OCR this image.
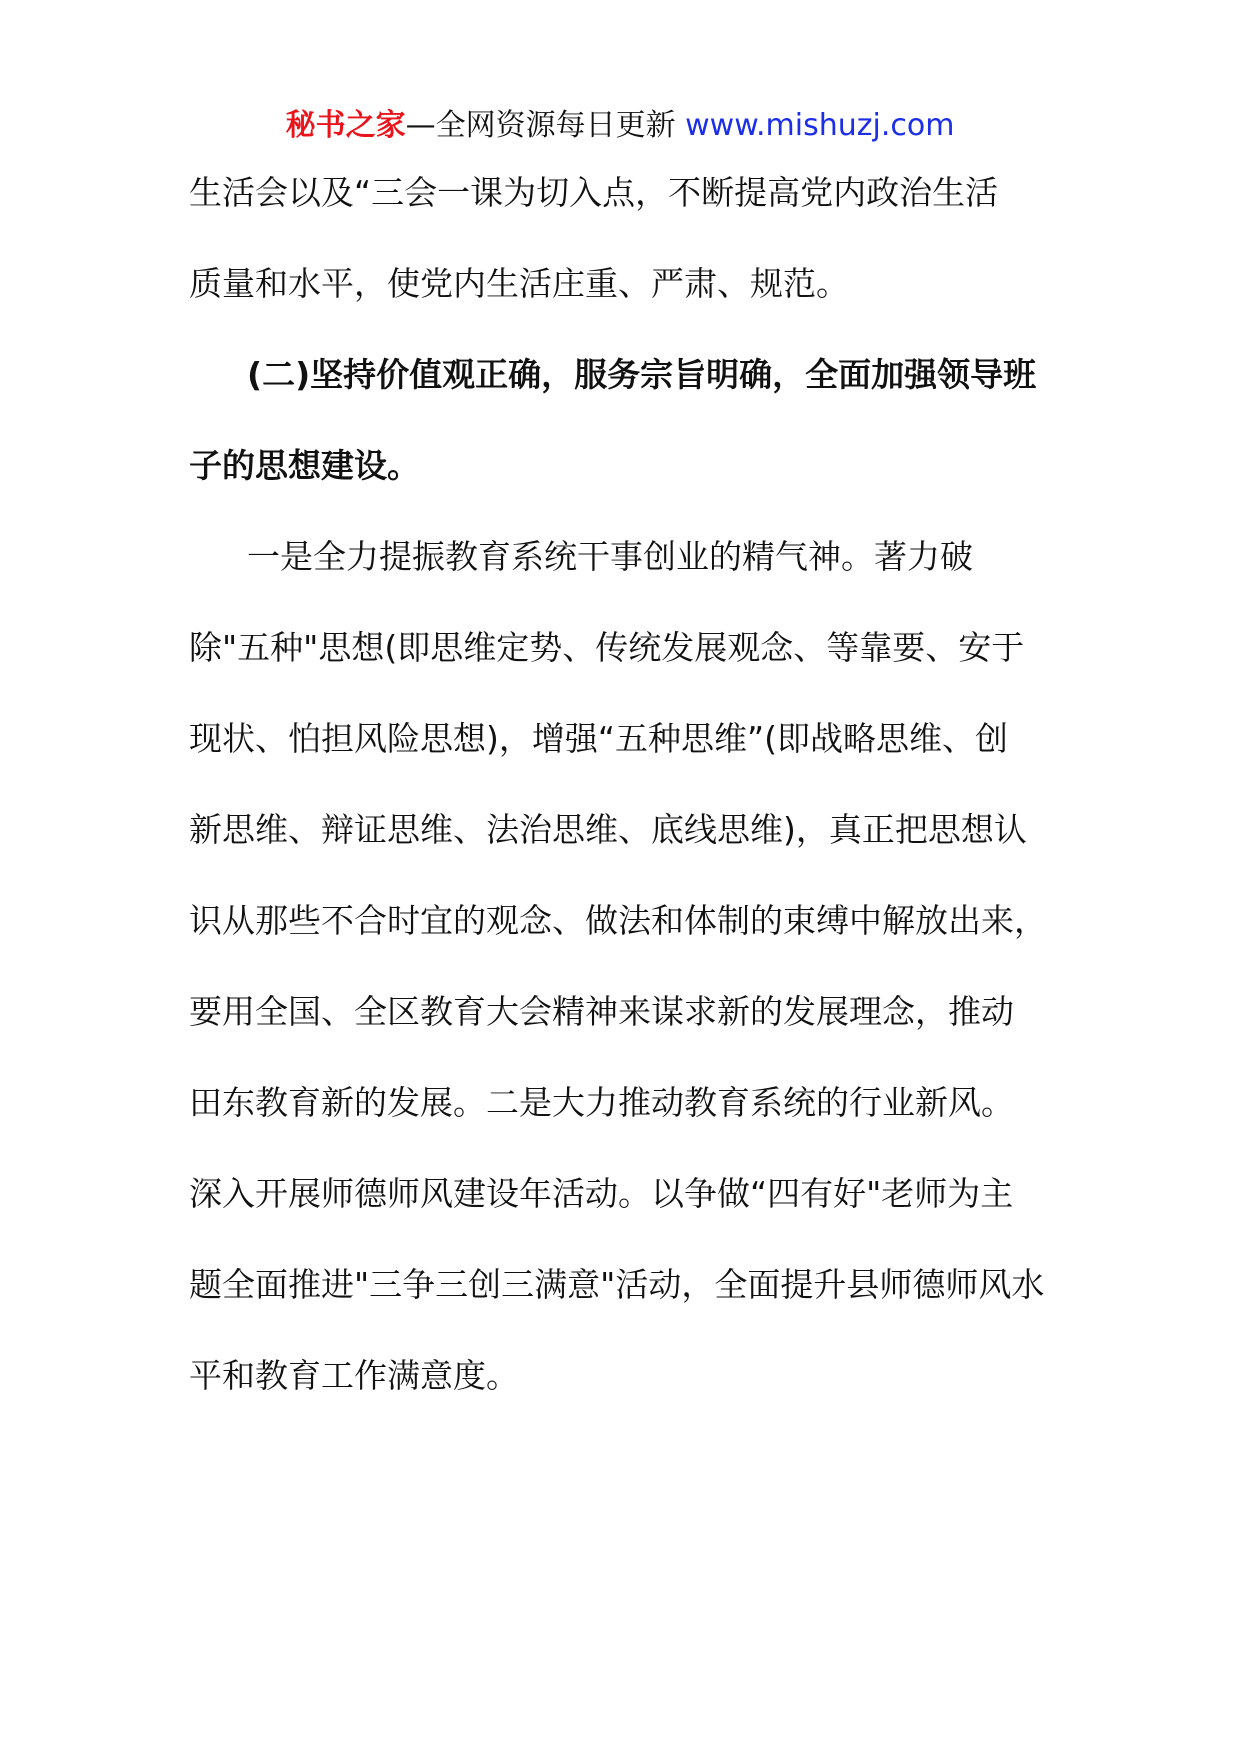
秘书之家—全网资源每日更新 www.mishuzj.com
生活会以及“三会一课为切入点，不断提高党内政治生活
质量和水平，使党内生活庄重、严肃、规范。
(二)坚持价值观正确，服务宗旨明确，全面加强领导班
子的思想建设。
一是全力提振教育系统干事创业的精气神。著力破
除"五种"思想(即思维定势、传统发展观念、等靠要、安于
现状、怕担风险思想)，增强“五种思维”(即战略思维、创
新思维、辩证思维、法治思维、底线思维)，真正把思想认
识从那些不合时宜的观念、做法和体制的束缚中解放出来，
要用全国、全区教育大会精神来谋求新的发展理念，推动
田东教育新的发展。二是大力推动教育系统的行业新风。
深入开展师德师风建设年活动。以争做“四有好"老师为主
题全面推进"三争三创三满意"活动，全面提升县师德师风水
平和教育工作满意度。
